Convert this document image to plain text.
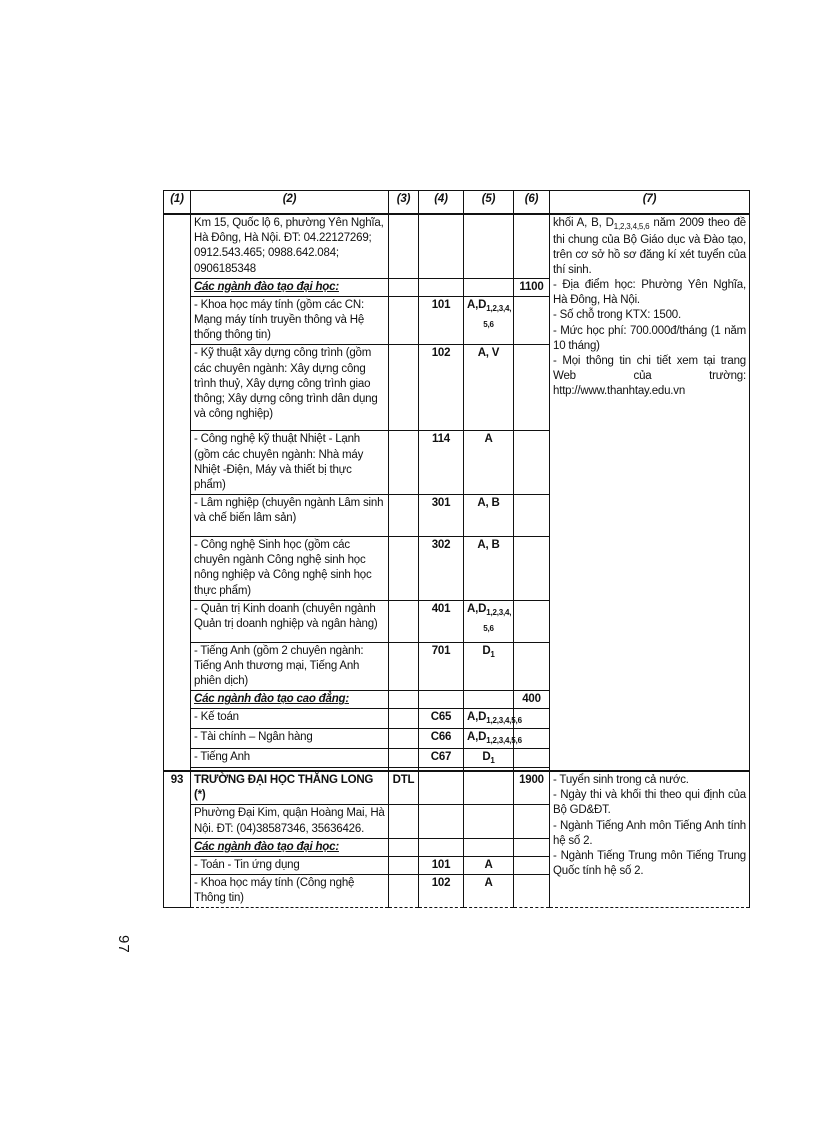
97
(1)	(2)	(3)	(4)	(5)	(6)	(7)
	Km 15, Quốc lộ 6, phường Yên Nghĩa, Hà Đông, Hà Nội. ĐT: 04.22127269; 0912.543.465; 0988.642.084; 0906185348					khối A, B, $D_{1,2,3,4,5,6}$ năm 2009 theo đề thi chung của Bộ Giáo dục và Đào tạo, trên cơ sở hồ sơ đăng kí xét tuyển của thí sinh.

- Địa điểm học: Phường Yên Nghĩa, Hà Đông, Hà Nội.

- Số chỗ trong KTX: 1500.

- Mức học phí: 700.000đ/tháng (1 năm 10 tháng)

- Mọi thông tin chi tiết xem tại trang Web của trường: http://www.thanhtay.edu.vn

	Các ngành đào tạo đại học:				1100	
	- Khoa học máy tính (gồm các CN: Mạng máy tính truyền thông và Hệ thống thông tin)		101	$A,D_{1,2,3,4, 5,6}$	
	- Kỹ thuật xây dựng công trình (gồm các chuyên ngành: Xây dựng công trình thuỷ, Xây dựng công trình giao thông; Xây dựng công trình dân dụng và công nghiệp)		102	A, V		
	- Công nghệ kỹ thuật Nhiệt - Lạnh (gồm các chuyên ngành: Nhà máy Nhiệt -Điện, Máy và thiết bị thực phẩm)		114	A		
	- Lâm nghiệp (chuyên ngành Lâm sinh và chế biến lâm sản)		301	A, B		
	- Công nghệ Sinh học (gồm các chuyên ngành Công nghệ sinh học nông nghiệp và Công nghệ sinh học thực phẩm)		302	A, B		
	- Quản trị Kinh doanh (chuyên ngành Quản trị doanh nghiệp và ngân hàng)		401	$A,D_{1,2,3,4, 5,6}$	
	- Tiếng Anh (gồm 2 chuyên ngành: Tiếng Anh thương mại, Tiếng Anh phiên dịch)		701	$D_1$	
	Các ngành đào tạo cao đẳng:				400	
	- Kế toán		C65	$A,D_{1,2,3,4,5,6}$	
	- Tài chính – Ngân hàng		C66	$A,D_{1,2,3,4,5,6}$	
	- Tiếng Anh		C67	$D_1$	

93	TRƯỜNG ĐẠI HỌC THĂNG LONG (*)	DTL			1900	- Tuyển sinh trong cả nước.

- Ngày thi và khối thi theo qui định của Bộ GD&ĐT.

- Ngành Tiếng Anh môn Tiếng Anh tính hệ số 2.

- Ngành Tiếng Trung môn Tiếng Trung Quốc tính hệ số 2.

	Phường Đại Kim, quận Hoàng Mai, Hà Nội. ĐT: (04)38587346, 35636426.					
	Các ngành đào tạo đại học:					
	- Toán - Tin ứng dụng		101	A		
	- Khoa học máy tính (Công nghệ Thông tin)		102	A		
